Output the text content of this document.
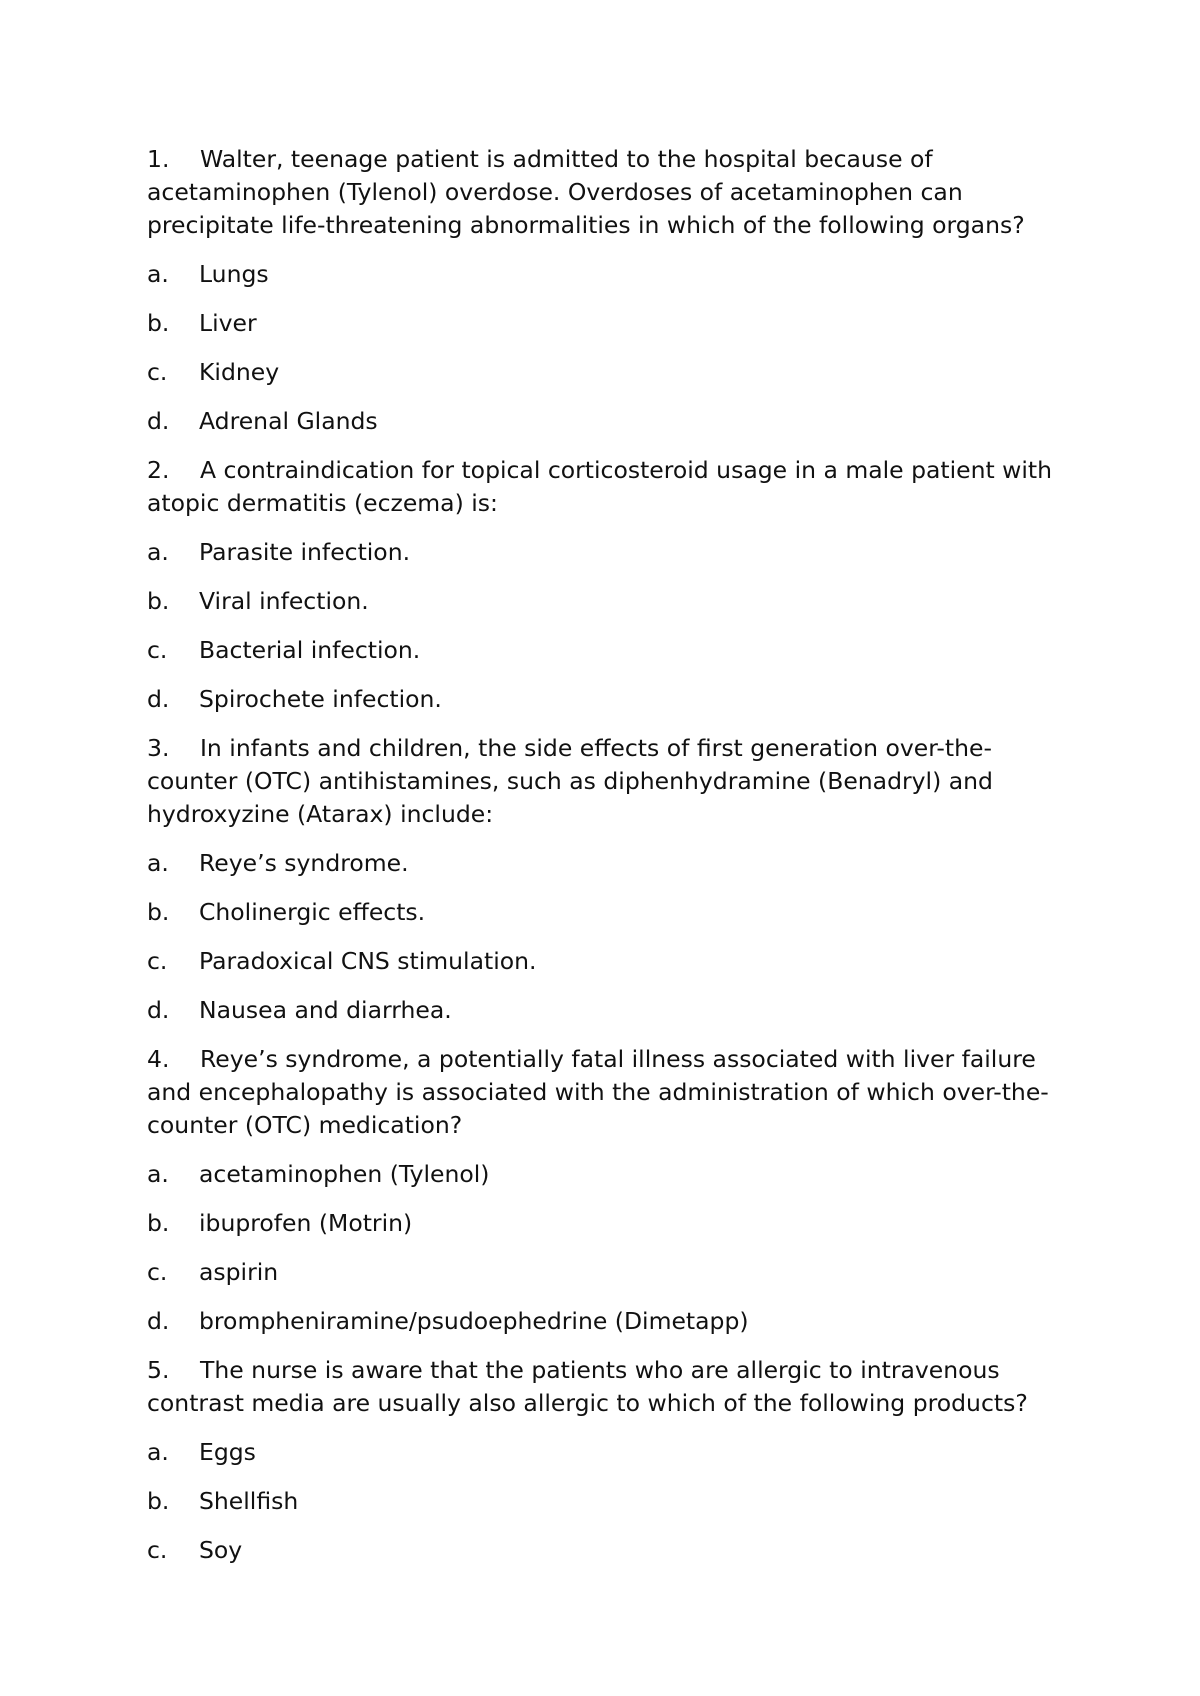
1. Walter, teenage patient is admitted to the hospital because of acetaminophen (Tylenol) overdose. Overdoses of acetaminophen can precipitate life-threatening abnormalities in which of the following organs?

a. Lungs
b. Liver
c. Kidney
d. Adrenal Glands

2. A contraindication for topical corticosteroid usage in a male patient with atopic dermatitis (eczema) is:

a. Parasite infection.
b. Viral infection.
c. Bacterial infection.
d. Spirochete infection.

3. In infants and children, the side effects of first generation over-the-counter (OTC) antihistamines, such as diphenhydramine (Benadryl) and hydroxyzine (Atarax) include:

a. Reye’s syndrome.
b. Cholinergic effects.
c. Paradoxical CNS stimulation.
d. Nausea and diarrhea.

4. Reye’s syndrome, a potentially fatal illness associated with liver failure and encephalopathy is associated with the administration of which over-the-counter (OTC) medication?

a. acetaminophen (Tylenol)
b. ibuprofen (Motrin)
c. aspirin
d. brompheniramine/psudoephedrine (Dimetapp)

5. The nurse is aware that the patients who are allergic to intravenous contrast media are usually also allergic to which of the following products?

a. Eggs
b. Shellfish
c. Soy
